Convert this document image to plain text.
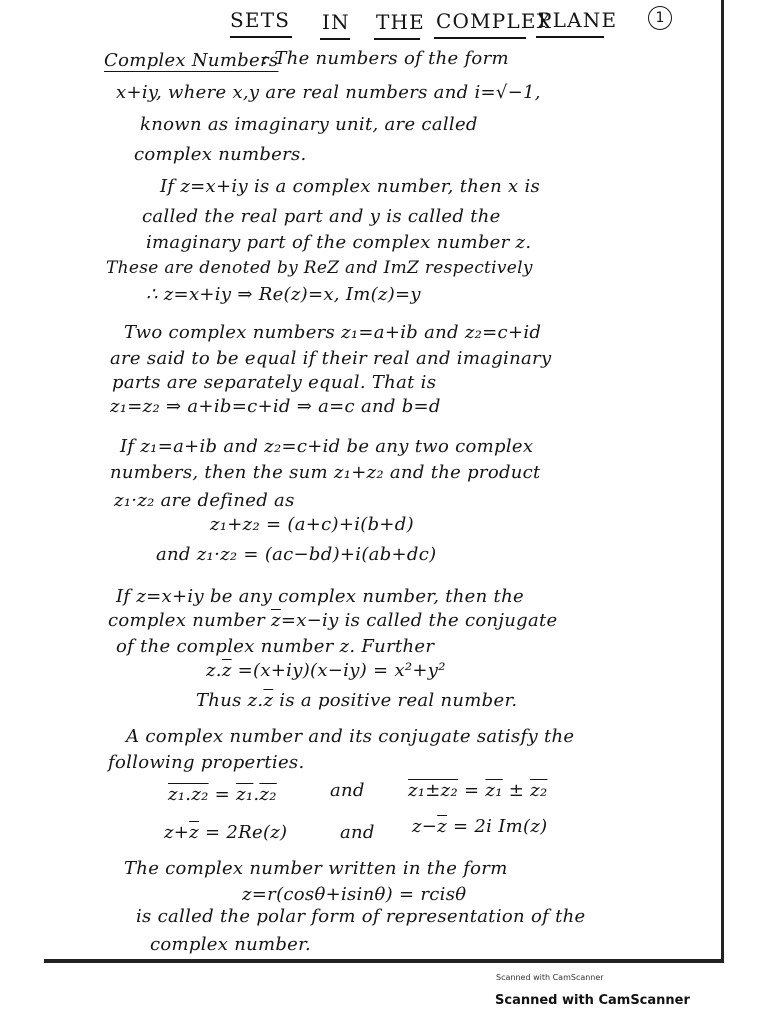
SETS IN THE COMPLEX
PLANE	1
Complex Numbers
: The numbers of the form
x+iy, where x,y are real numbers and i=√−1,
known as imaginary unit, are called
complex numbers.
If z=x+iy is a complex number, then x is
called the real part and y is called the
imaginary part of the complex number z.
These are denoted by ReZ and ImZ respectively
∴ z=x+iy ⇒ Re(z)=x, Im(z)=y
Two complex numbers z₁=a+ib and z₂=c+id
are said to be equal if their real and imaginary
parts are separately equal. That is
z₁=z₂ ⇒ a+ib=c+id ⇒ a=c and b=d
If z₁=a+ib and z₂=c+id be any two complex
numbers, then the sum z₁+z₂ and the product
z₁·z₂ are defined as
z₁+z₂ = (a+c)+i(b+d)
and z₁·z₂ = (ac−bd)+i(ab+dc)
If z=x+iy be any complex number, then the
complex number $\overline{z}=x-iy$ is called the conjugate
of the complex number z. Further
$z.\overline{z} =(x+iy)(x-iy) = x^2+y^2$
Thus $z.\overline{z}$ is a positive real number.
A complex number and its conjugate satisfy the
following properties.
z₁.z₂ = z₁.z₂	and z₁±z₂ = z₁ ± z₂
$z+\overline{z} = 2Re(z)$	and $z-\overline{z} = 2i$ Im(z)
The complex number written in the form
z=r(cosθ+isinθ) = rcisθ
is called the polar form of representation of the
complex number.
Scanned with CamScanner
Scanned with CamScanner
